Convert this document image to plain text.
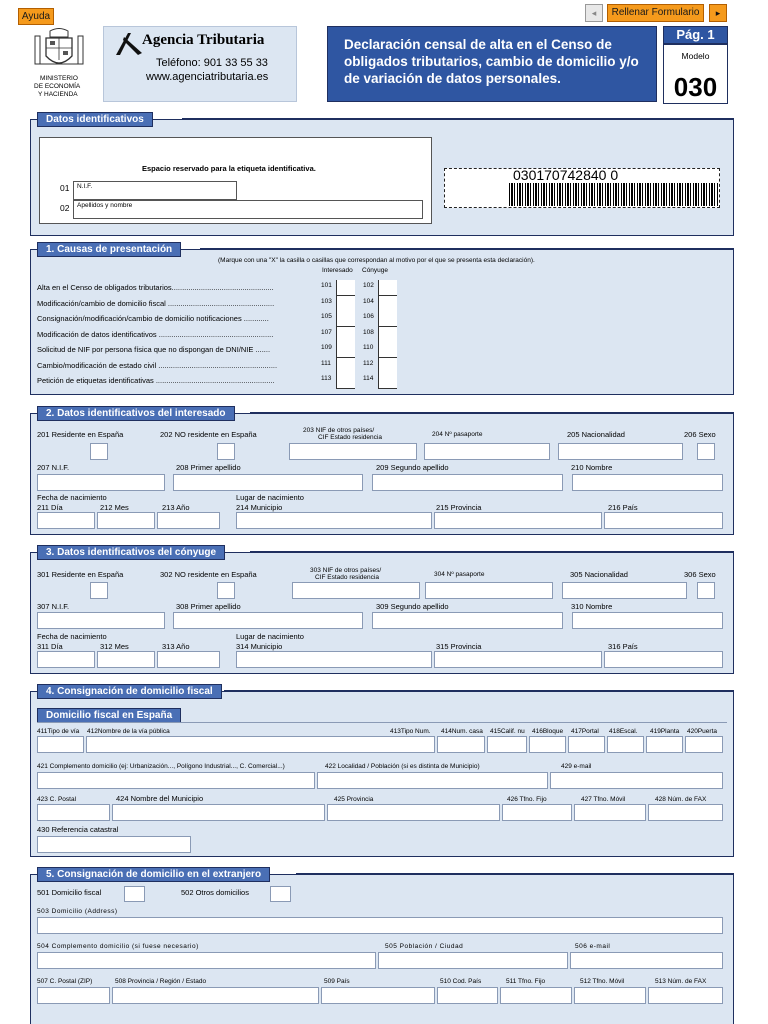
Ayuda	◂	Rellenar Formulario	▸
MINISTERIO
DE ECONOMÍA
Y HACIENDA
Agencia Tributaria
Teléfono: 901 33 55 33
www.agenciatributaria.es
Declaración censal de alta en el Censo de obligados tributarios, cambio de domicilio y/o de variación de datos personales.
Pág. 1
Modelo
030
Datos identificativos
Espacio reservado para la etiqueta identificativa.
01 N.I.F.
02 Apellidos y nombre
030170742840 0
1. Causas de presentación
(Marque con una "X" la casilla o casillas que correspondan al motivo por el que se presenta esta declaración).
Interesado Cónyuge
Alta en el Censo de obligados tributarios.................................................	101	102
Modificación/cambio de domicilio fiscal ...................................................	103	104
Consignación/modificación/cambio de domicilio notificaciones ............	105	106
Modificación de datos identificativos .......................................................	107	108
Solicitud de NIF por persona física que no dispongan de DNI/NIE .......	109	110
Cambio/modificación de estado civil .........................................................	111	112
Petición de etiquetas identificativas .........................................................	113	114
2. Datos identificativos del interesado
201 Residente en España	202 NO residente en España	203 NIF de otros países/
CIF Estado residencia	204 Nº pasaporte	205 Nacionalidad	206 Sexo
207 N.I.F.	208 Primer apellido	209 Segundo apellido	210 Nombre
Fecha de nacimiento	Lugar de nacimiento
211 Día	212 Mes	213 Año	214 Municipio	215 Provincia	216 País
3. Datos identificativos del cónyuge
301 Residente en España	302 NO residente en España	303 NIF de otros países/
CIF Estado residencia	304 Nº pasaporte	305 Nacionalidad	306 Sexo
307 N.I.F.	308 Primer apellido	309 Segundo apellido	310 Nombre
Fecha de nacimiento	Lugar de nacimiento
311 Día	312 Mes	313 Año	314 Municipio	315 Provincia	316 País
4. Consignación de domicilio fiscal
Domicilio fiscal en España
411Tipo de vía 412Nombre de la vía pública	413Tipo Num. 414Num. casa 415Calif. nu 416Bloque 417Portal 418Escal. 419Planta 420Puerta
421 Complemento domicilio (ej: Urbanización..., Polígono Industrial..., C. Comercial...)	422 Localidad / Población (si es distinta de Municipio)	429 e-mail
423 C. Postal	424 Nombre del Municipio	425 Provincia	426 Tfno. Fijo	427 Tfno. Móvil	428 Núm. de FAX
430 Referencia catastral
5. Consignación de domicilio en el extranjero
501 Domicilio fiscal	502 Otros domicilios
503 Domicilio (Address)
504 Complemento domicilio (si fuese necesario)	505 Población / Ciudad	506 e-mail
507 C. Postal (ZIP)	508 Provincia / Región / Estado	509 País	510 Cod. País	511 Tfno. Fijo	512 Tfno. Móvil	513 Núm. de FAX
